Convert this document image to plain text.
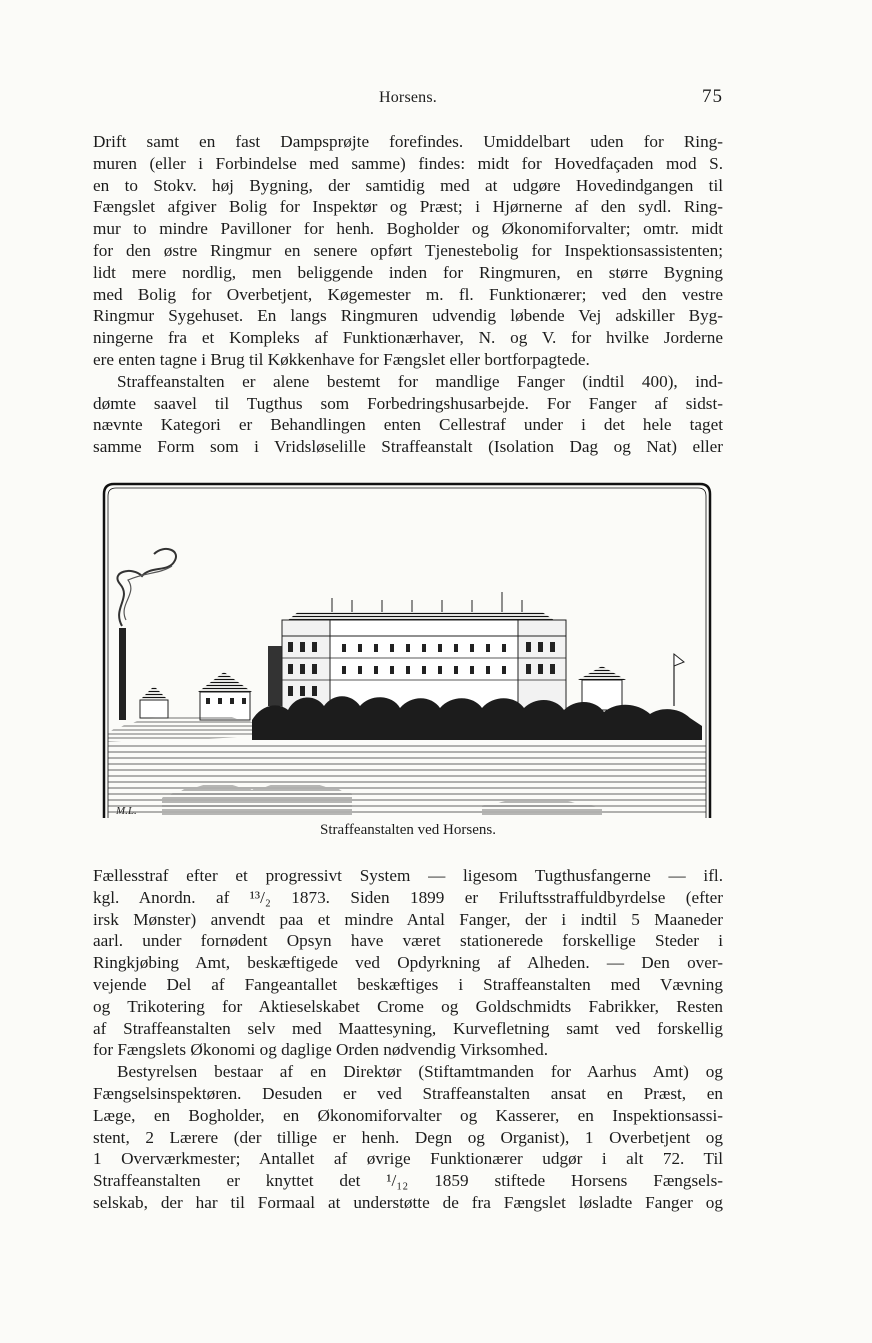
Horsens.	75
Drift samt en fast Dampsprøjte forefindes. Umiddelbart uden for Ring-
muren (eller i Forbindelse med samme) findes: midt for Hovedfaçaden mod S.
en to Stokv. høj Bygning, der samtidig med at udgøre Hovedindgangen til
Fængslet afgiver Bolig for Inspektør og Præst; i Hjørnerne af den sydl. Ring-
mur to mindre Pavilloner for henh. Bogholder og Økonomiforvalter; omtr. midt
for den østre Ringmur en senere opført Tjenestebolig for Inspektionsassistenten;
lidt mere nordlig, men beliggende inden for Ringmuren, en større Bygning
med Bolig for Overbetjent, Køgemester m. fl. Funktionærer; ved den vestre
Ringmur Sygehuset. En langs Ringmuren udvendig løbende Vej adskiller Byg-
ningerne fra et Kompleks af Funktionærhaver, N. og V. for hvilke Jorderne
ere enten tagne i Brug til Køkkenhave for Fængslet eller bortforpagtede.
Straffeanstalten er alene bestemt for mandlige Fanger (indtil 400), ind-
dømte saavel til Tugthus som Forbedringshusarbejde. For Fanger af sidst-
nævnte Kategori er Behandlingen enten Cellestraf under i det hele taget
samme Form som i Vridsløselille Straffeanstalt (Isolation Dag og Nat) eller
M.L.
Straffeanstalten ved Horsens.
Fællesstraf efter et progressivt System — ligesom Tugthusfangerne — ifl.
kgl. Anordn. af ¹³/₂ 1873. Siden 1899 er Friluftsstraffuldbyrdelse (efter
irsk Mønster) anvendt paa et mindre Antal Fanger, der i indtil 5 Maaneder
aarl. under fornødent Opsyn have været stationerede forskellige Steder i
Ringkjøbing Amt, beskæftigede ved Opdyrkning af Alheden. — Den over-
vejende Del af Fangeantallet beskæftiges i Straffeanstalten med Vævning
og Trikotering for Aktieselskabet Crome og Goldschmidts Fabrikker, Resten
af Straffeanstalten selv med Maattesyning, Kurvefletning samt ved forskellig
for Fængslets Økonomi og daglige Orden nødvendig Virksomhed.
Bestyrelsen bestaar af en Direktør (Stiftamtmanden for Aarhus Amt) og
Fængselsinspektøren. Desuden er ved Straffeanstalten ansat en Præst, en
Læge, en Bogholder, en Økonomiforvalter og Kasserer, en Inspektionsassi-
stent, 2 Lærere (der tillige er henh. Degn og Organist), 1 Overbetjent og
1 Overværkmester; Antallet af øvrige Funktionærer udgør i alt 72. Til
Straffeanstalten er knyttet det ¹/₁₂ 1859 stiftede Horsens Fængsels-
selskab, der har til Formaal at understøtte de fra Fængslet løsladte Fanger og
